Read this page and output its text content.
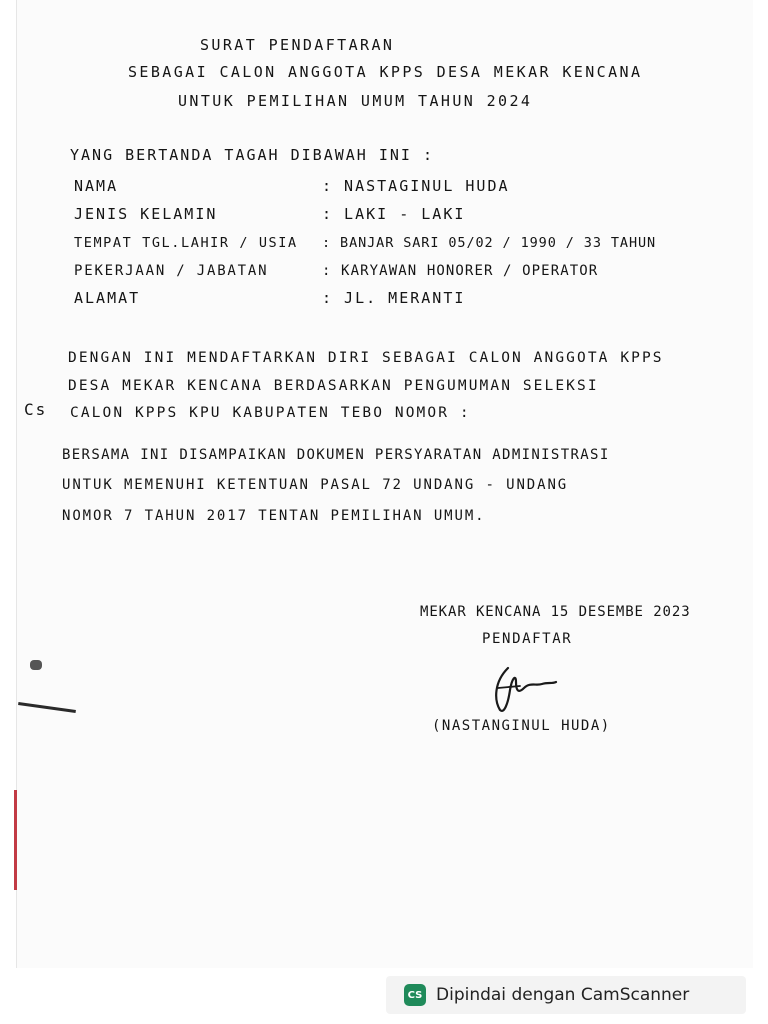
SURAT PENDAFTARAN
SEBAGAI CALON ANGGOTA KPPS DESA MEKAR KENCANA
UNTUK PEMILIHAN UMUM TAHUN 2024
YANG BERTANDA TAGAH DIBAWAH INI :
NAMA	: NASTAGINUL HUDA
JENIS KELAMIN	: LAKI - LAKI
TEMPAT TGL.LAHIR / USIA : BANJAR SARI 05/02 / 1990 / 33 TAHUN
PEKERJAAN / JABATAN	: KARYAWAN HONORER / OPERATOR
ALAMAT	: JL. MERANTI
DENGAN INI MENDAFTARKAN DIRI SEBAGAI CALON ANGGOTA KPPS
DESA MEKAR KENCANA BERDASARKAN PENGUMUMAN SELEKSI
CALON KPPS KPU KABUPATEN TEBO NOMOR :
Cs
BERSAMA INI DISAMPAIKAN DOKUMEN PERSYARATAN ADMINISTRASI
UNTUK MEMENUHI KETENTUAN PASAL 72 UNDANG - UNDANG
NOMOR 7 TAHUN 2017 TENTAN PEMILIHAN UMUM.
MEKAR KENCANA 15 DESEMBE 2023
PENDAFTAR
(NASTANGINUL HUDA)
CS Dipindai dengan CamScanner
